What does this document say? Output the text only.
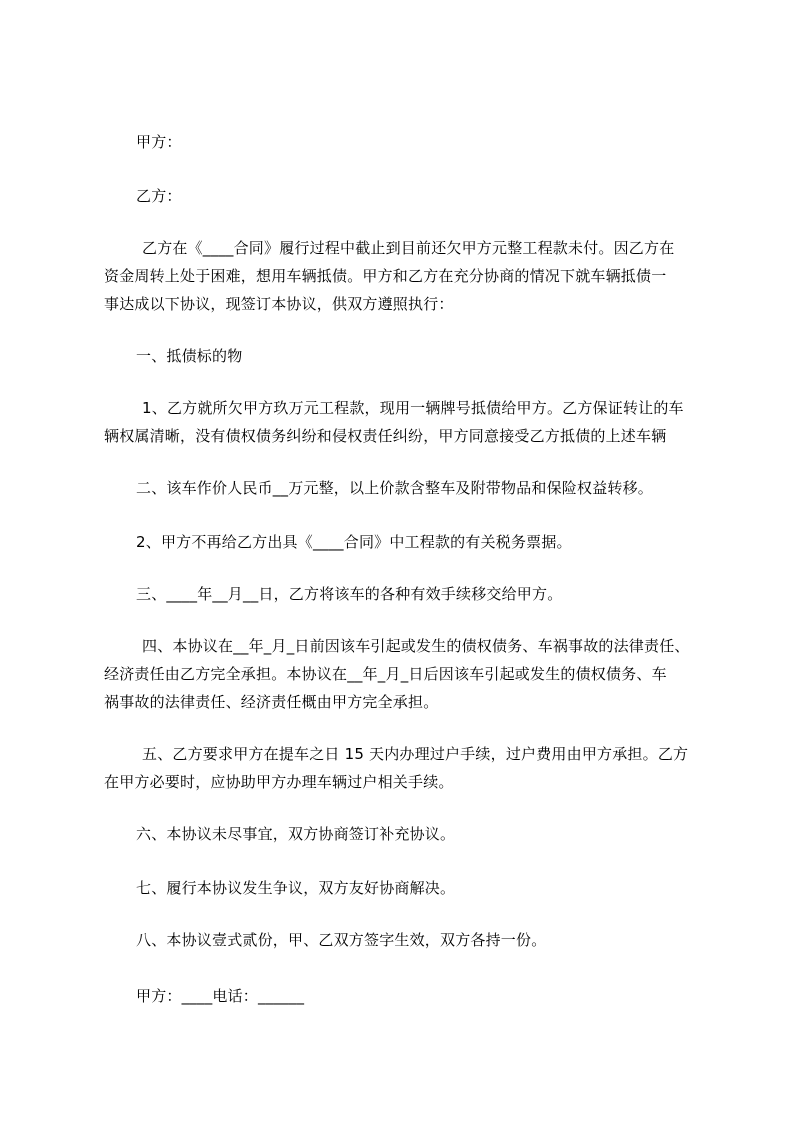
甲方：
乙方：
乙方在《____合同》履行过程中截止到目前还欠甲方元整工程款未付。因乙方在
资金周转上处于困难，想用车辆抵债。甲方和乙方在充分协商的情况下就车辆抵债一
事达成以下协议，现签订本协议，供双方遵照执行：
一、抵债标的物
1、乙方就所欠甲方玖万元工程款，现用一辆牌号抵债给甲方。乙方保证转让的车
辆权属清晰，没有债权债务纠纷和侵权责任纠纷，甲方同意接受乙方抵债的上述车辆
二、该车作价人民币__万元整，以上价款含整车及附带物品和保险权益转移。
2、甲方不再给乙方出具《____合同》中工程款的有关税务票据。
三、____年__月__日，乙方将该车的各种有效手续移交给甲方。
四、本协议在__年_月_日前因该车引起或发生的债权债务、车祸事故的法律责任、
经济责任由乙方完全承担。本协议在__年_月_日后因该车引起或发生的债权债务、车
祸事故的法律责任、经济责任概由甲方完全承担。
五、乙方要求甲方在提车之日 15 天内办理过户手续，过户费用由甲方承担。乙方
在甲方必要时，应协助甲方办理车辆过户相关手续。
六、本协议未尽事宜，双方协商签订补充协议。
七、履行本协议发生争议，双方友好协商解决。
八、本协议壹式贰份，甲、乙双方签字生效，双方各持一份。
甲方：____电话：______
